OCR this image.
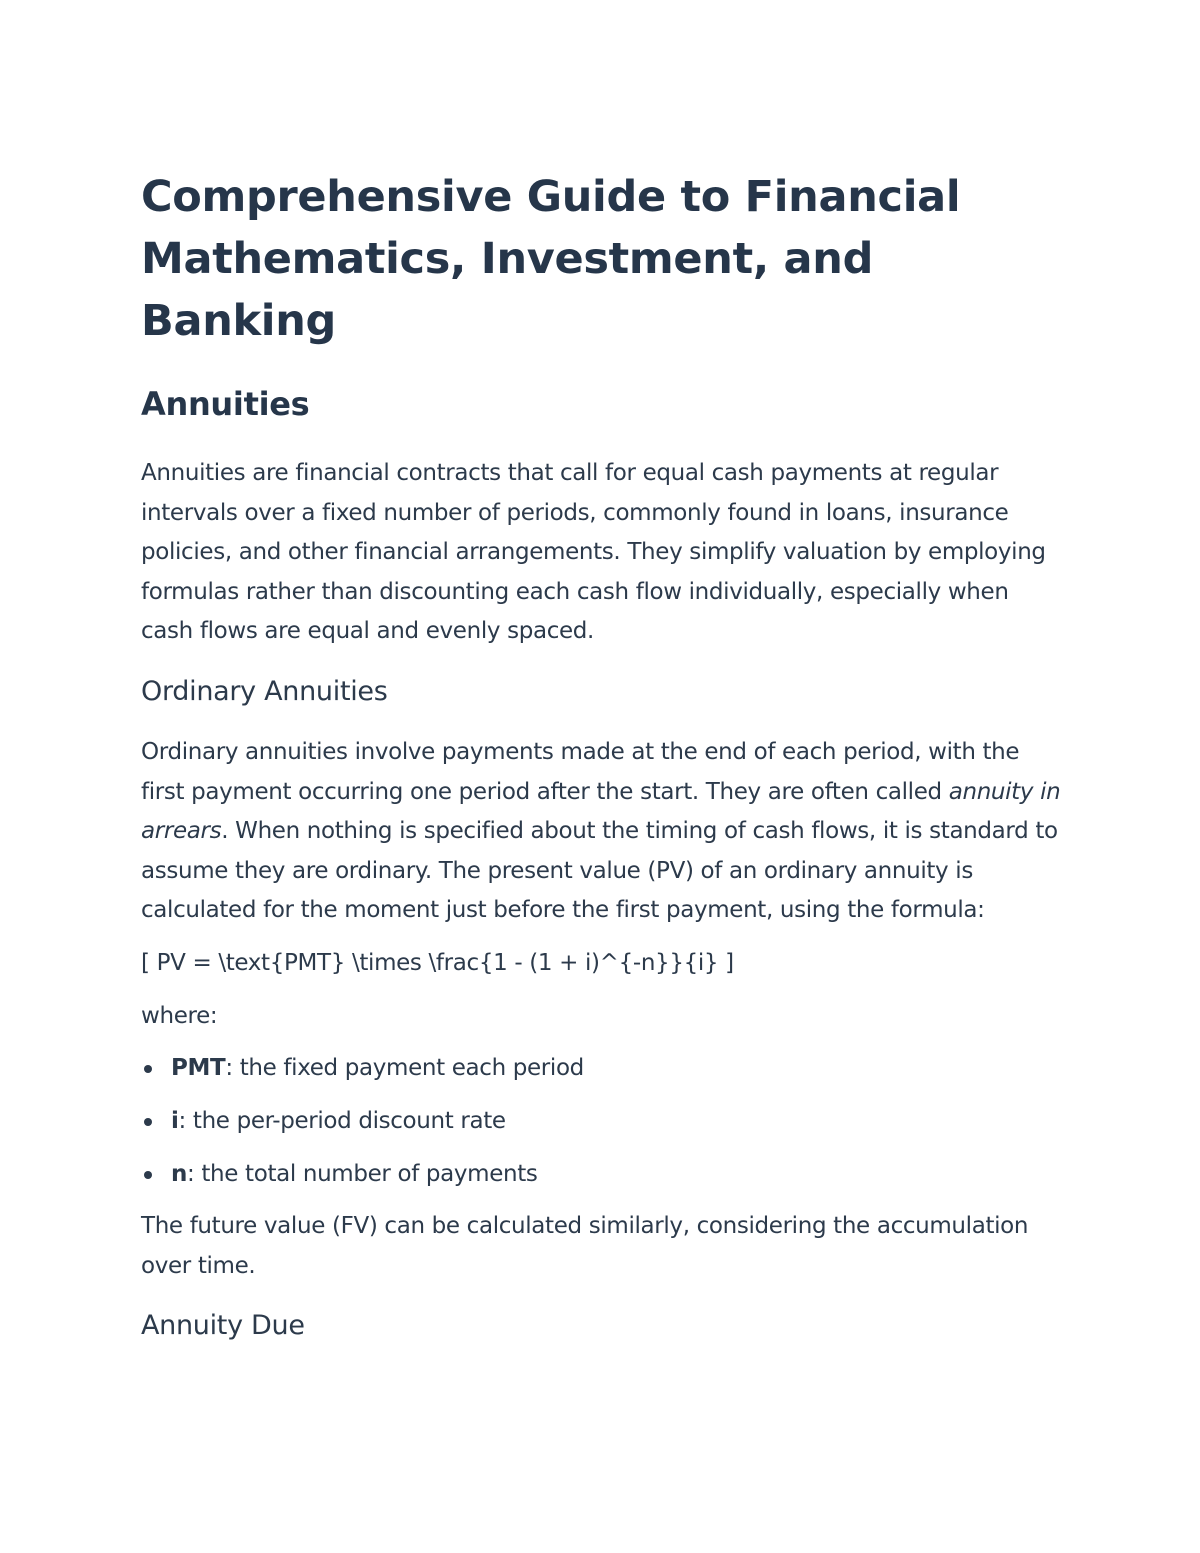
Comprehensive Guide to Financial Mathematics, Investment, and Banking
Annuities

Annuities are financial contracts that call for equal cash payments at regular intervals over a fixed number of periods, commonly found in loans, insurance policies, and other financial arrangements. They simplify valuation by employing formulas rather than discounting each cash flow individually, especially when cash flows are equal and evenly spaced.

Ordinary Annuities

Ordinary annuities involve payments made at the end of each period, with the first payment occurring one period after the start. They are often called annuity in arrears. When nothing is specified about the timing of cash flows, it is standard to assume they are ordinary. The present value (PV) of an ordinary annuity is calculated for the moment just before the first payment, using the formula:

[ PV = \text{PMT} \times \frac{1 - (1 + i)^{-n}}{i} ]

where:

PMT: the fixed payment each period
i: the per-period discount rate
n: the total number of payments

The future value (FV) can be calculated similarly, considering the accumulation over time.

Annuity Due
